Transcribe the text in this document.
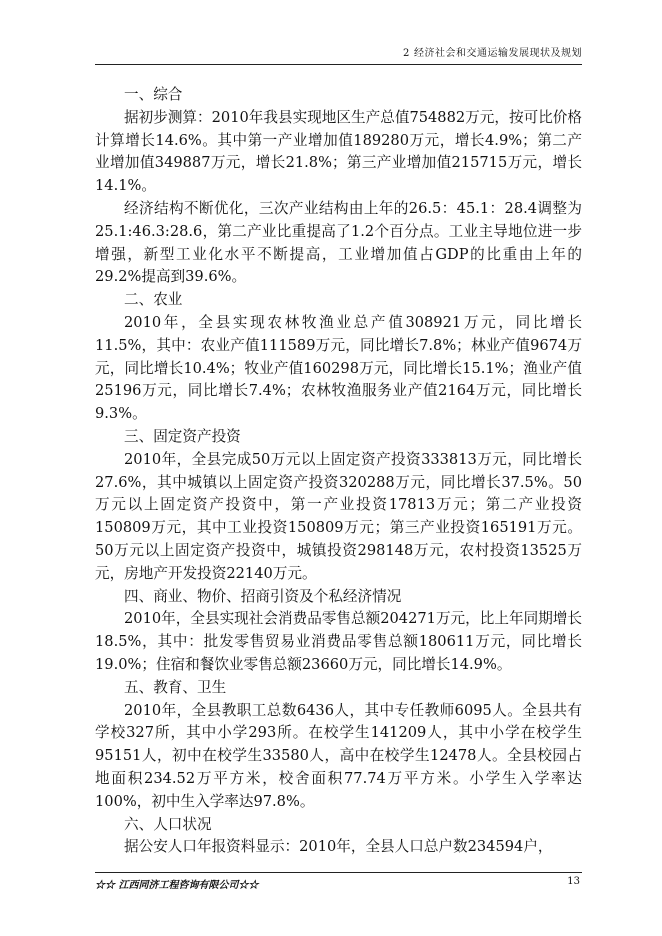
2 经济社会和交通运输发展现状及规划

一、综合

据初步测算：2010年我县实现地区生产总值754882万元，按可比价格计算增长14.6%。其中第一产业增加值189280万元，增长4.9%；第二产业增加值349887万元，增长21.8%；第三产业增加值215715万元，增长14.1%。

经济结构不断优化，三次产业结构由上年的26.5：45.1：28.4调整为25.1:46.3:28.6，第二产业比重提高了1.2个百分点。工业主导地位进一步增强，新型工业化水平不断提高，工业增加值占GDP的比重由上年的29.2%提高到39.6%。

二、农业

2010年，全县实现农林牧渔业总产值308921万元，同比增长11.5%，其中：农业产值111589万元，同比增长7.8%；林业产值9674万元，同比增长10.4%；牧业产值160298万元，同比增长15.1%；渔业产值25196万元，同比增长7.4%；农林牧渔服务业产值2164万元，同比增长9.3%。

三、固定资产投资

2010年，全县完成50万元以上固定资产投资333813万元，同比增长27.6%，其中城镇以上固定资产投资320288万元，同比增长37.5%。50万元以上固定资产投资中，第一产业投资17813万元；第二产业投资150809万元，其中工业投资150809万元；第三产业投资165191万元。50万元以上固定资产投资中，城镇投资298148万元，农村投资13525万元，房地产开发投资22140万元。

四、商业、物价、招商引资及个私经济情况

2010年，全县实现社会消费品零售总额204271万元，比上年同期增长18.5%，其中：批发零售贸易业消费品零售总额180611万元，同比增长19.0%；住宿和餐饮业零售总额23660万元，同比增长14.9%。

五、教育、卫生

2010年，全县教职工总数6436人，其中专任教师6095人。全县共有学校327所，其中小学293所。在校学生141209人，其中小学在校学生95151人，初中在校学生33580人，高中在校学生12478人。全县校园占地面积234.52万平方米，校舍面积77.74万平方米。小学生入学率达100%，初中生入学率达97.8%。

六、人口状况

据公安人口年报资料显示：2010年，全县人口总户数234594户，

☆☆ 江西同济工程咨询有限公司☆☆	13
